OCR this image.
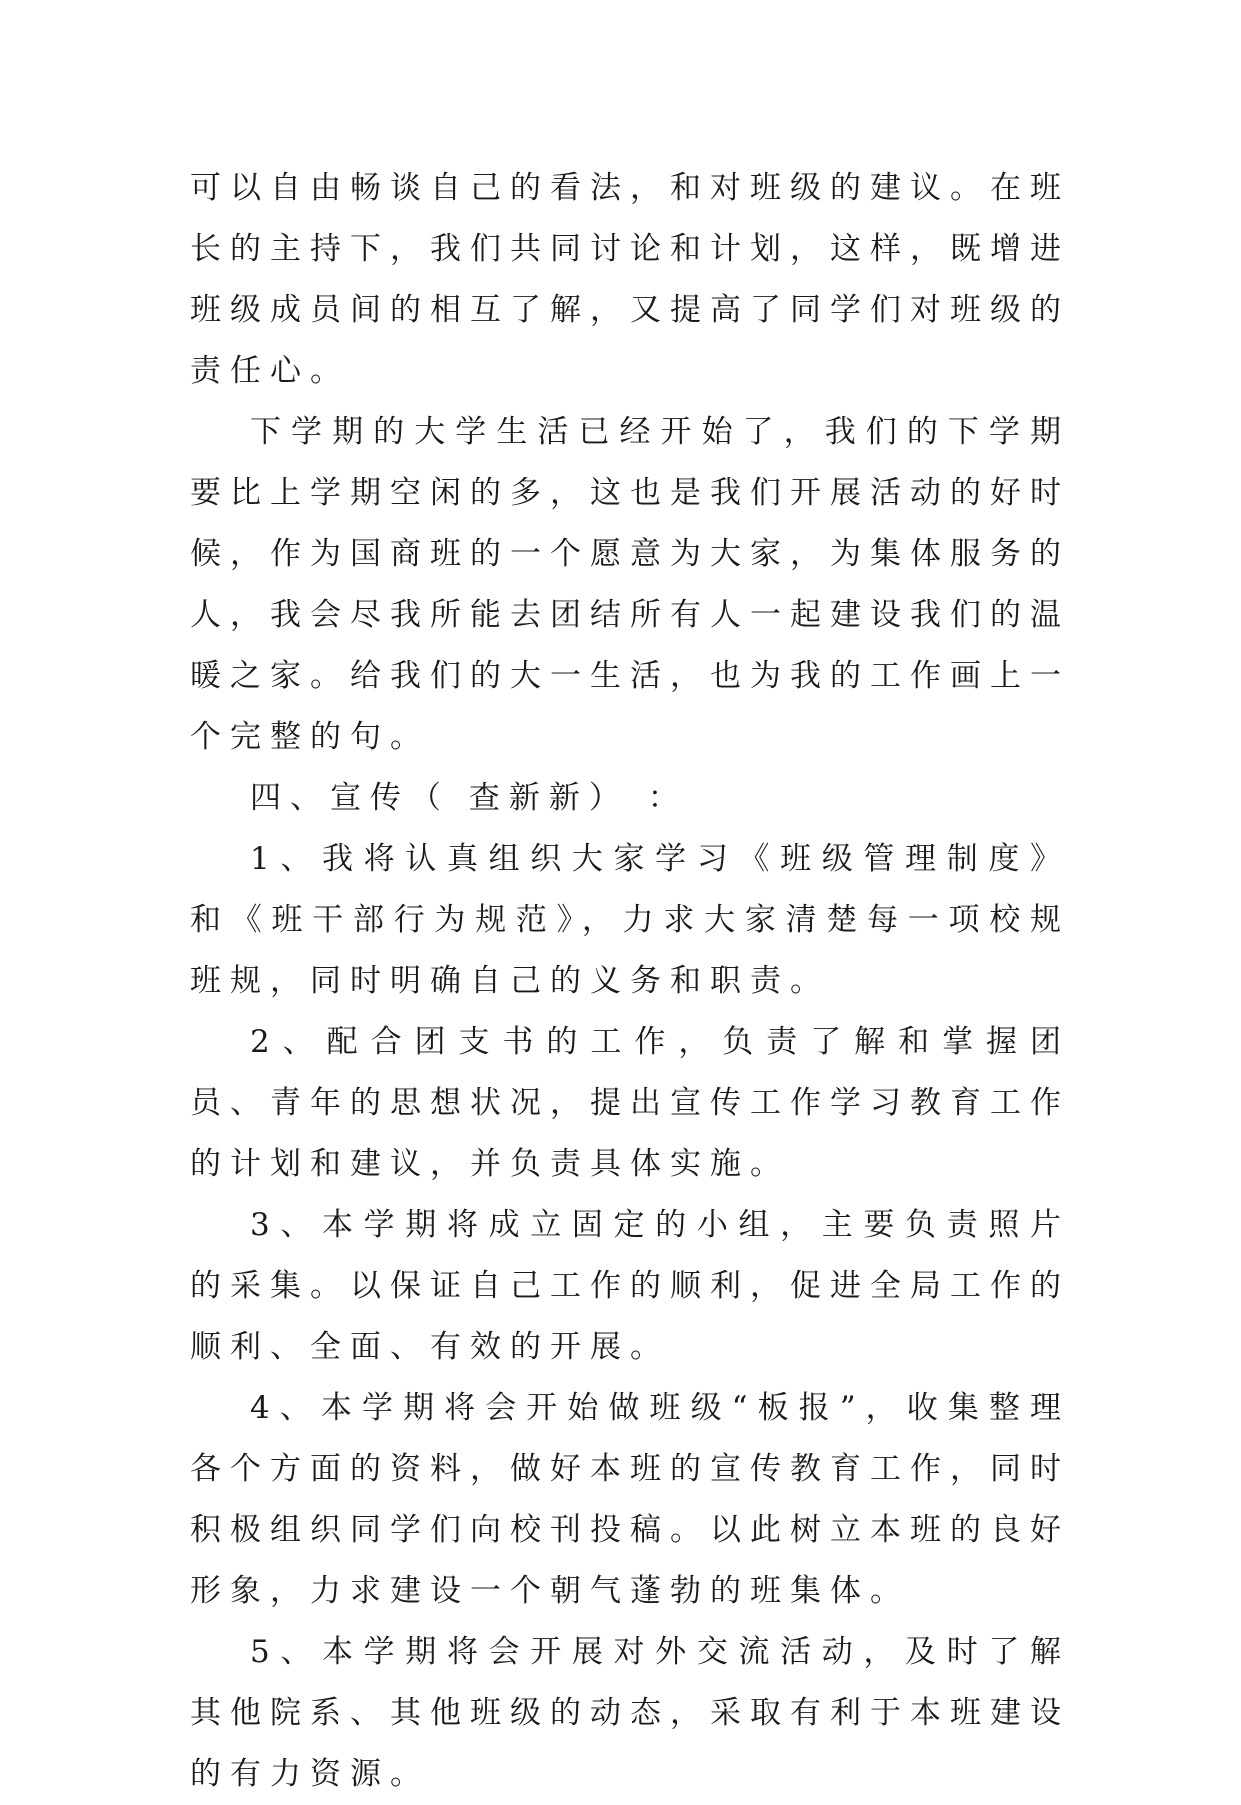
可以自由畅谈自己的看法，和对班级的建议。在班长的主持下，我们共同讨论和计划，这样，既增进班级成员间的相互了解，又提高了同学们对班级的责任心。

下学期的大学生活已经开始了，我们的下学期要比上学期空闲的多，这也是我们开展活动的好时候，作为国商班的一个愿意为大家，为集体服务的人，我会尽我所能去团结所有人一起建设我们的温暖之家。给我们的大一生活，也为我的工作画上一个完整的句。

四、宣传（ 查新新） ：

1、我将认真组织大家学习《班级管理制度》和《班干部行为规范》，力求大家清楚每一项校规班规，同时明确自己的义务和职责。

2、配合团支书的工作，负责了解和掌握团员、青年的思想状况，提出宣传工作学习教育工作的计划和建议，并负责具体实施。

3、本学期将成立固定的小组，主要负责照片的采集。以保证自己工作的顺利，促进全局工作的顺利、全面、有效的开展。

4、本学期将会开始做班级“板报”，收集整理各个方面的资料，做好本班的宣传教育工作，同时积极组织同学们向校刊投稿。以此树立本班的良好形象，力求建设一个朝气蓬勃的班集体。

5、本学期将会开展对外交流活动，及时了解其他院系、其他班级的动态，采取有利于本班建设的有力资源。
